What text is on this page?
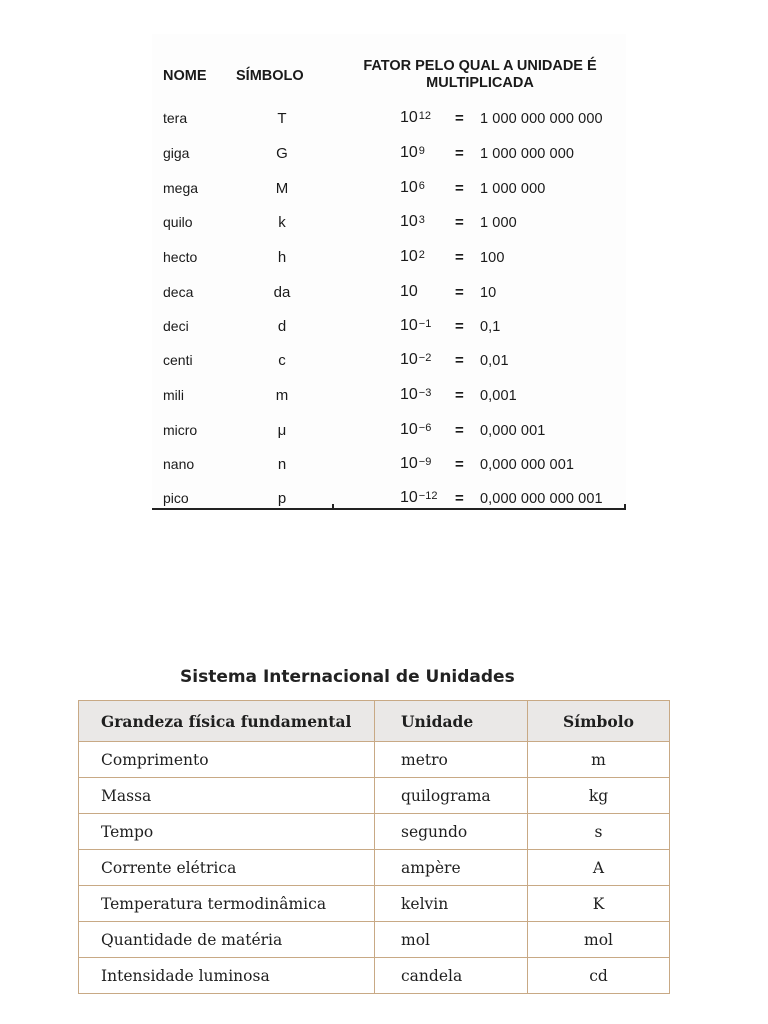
NOME SÍMBOLO
FATOR PELO QUAL A UNIDADE É
MULTIPLICADA
tera	T	$10^{12} = 1$ 000 000 000 000
giga	G	$10^9 = 1$ 000 000 000
mega	M	$10^6 = 1$ 000 000
quilo	k	$10^3 = 1$ 000
hecto	h	$10^2 = 100$
deca	da	10 = 10
deci	d	$10^{-1} = 0,1$
centi	c	$10^{-2} = 0,01$
mili	m	$10^{-3} = 0,001$
micro	μ	$10^{-6} = 0,000$ 001
nano	n	$10^{-9} = 0,000$ 000 001
pico	p	$10^{-12} = 0,000$ 000 000 001
Sistema Internacional de Unidades
Grandeza física fundamental	Unidade	Símbolo
Comprimento	metro	m
Massa	quilograma	kg
Tempo	segundo	s
Corrente elétrica	ampère	A
Temperatura termodinâmica	kelvin	K
Quantidade de matéria	mol	mol
Intensidade luminosa	candela	cd
